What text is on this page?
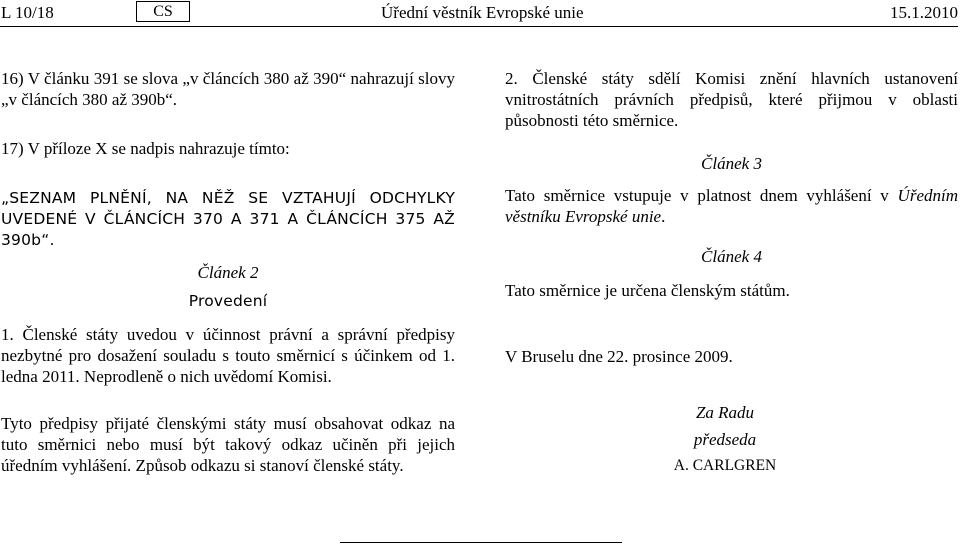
L 10/18	CS	Úřední věstník Evropské unie	15.1.2010
16) V článku 391 se slova „v článcích 380 až 390“ nahrazují slovy „v článcích 380 až 390b“.
17) V příloze X se nadpis nahrazuje tímto:
„SEZNAM PLNĚNÍ, NA NĚŽ SE VZTAHUJÍ ODCHYLKY UVEDENÉ V ČLÁNCÍCH 370 A 371 A ČLÁNCÍCH 375 AŽ 390b“.
Článek 2
Provedení
1. Členské státy uvedou v účinnost právní a správní předpisy nezbytné pro dosažení souladu s touto směrnicí s účinkem od 1. ledna 2011. Neprodleně o nich uvědomí Komisi.
Tyto předpisy přijaté členskými státy musí obsahovat odkaz na tuto směrnici nebo musí být takový odkaz učiněn při jejich úředním vyhlášení. Způsob odkazu si stanoví členské státy.
2. Členské státy sdělí Komisi znění hlavních ustanovení vnitrostátních právních předpisů, které přijmou v oblasti působnosti této směrnice.
Článek 3
Tato směrnice vstupuje v platnost dnem vyhlášení v Úředním věstníku Evropské unie.
Článek 4
Tato směrnice je určena členským státům.
V Bruselu dne 22. prosince 2009.
Za Radu
předseda
A. CARLGREN
